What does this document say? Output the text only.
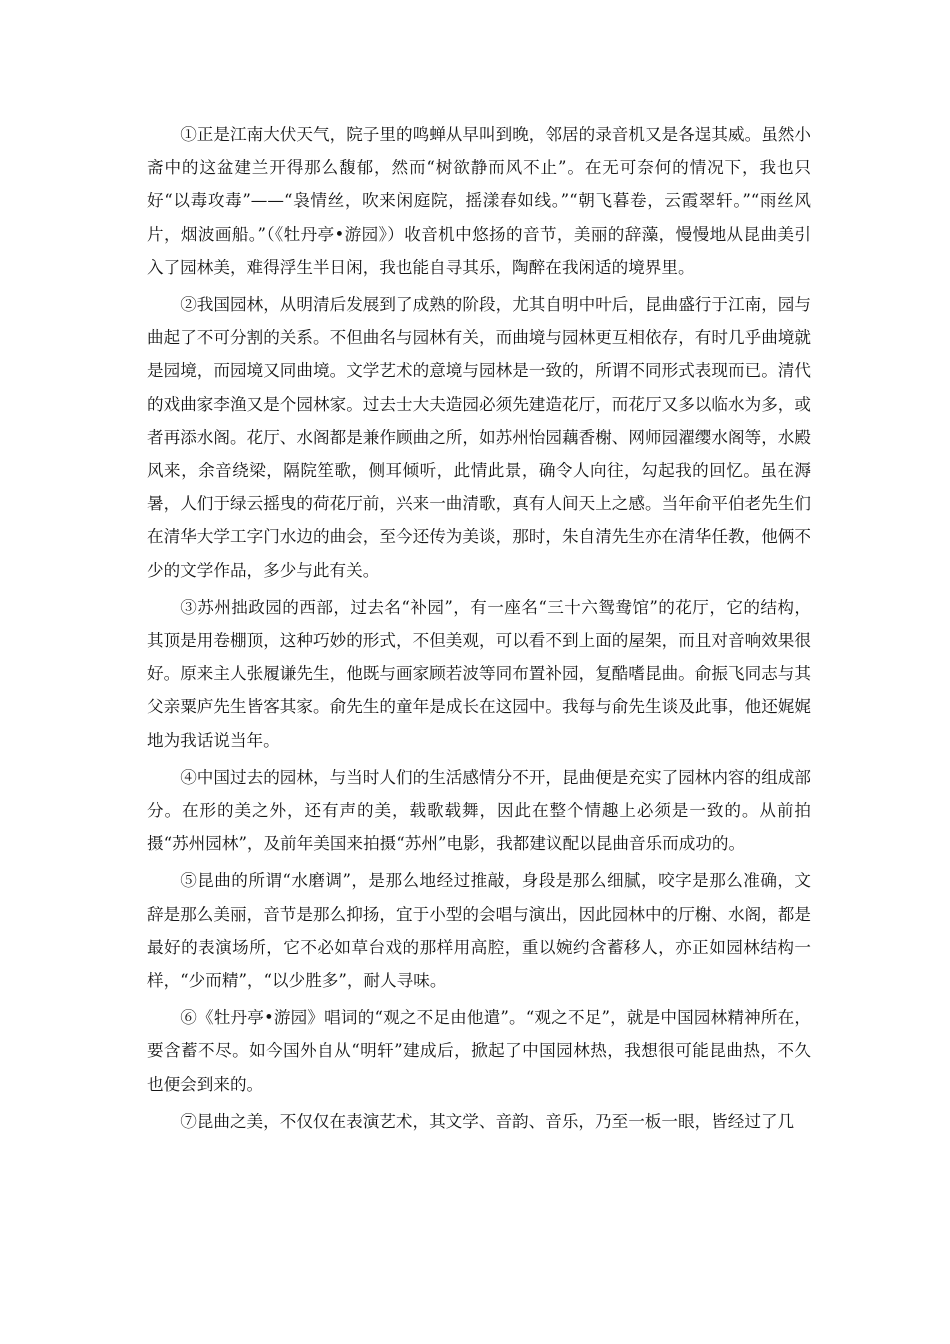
①正是江南大伏天气，院子里的鸣蝉从早叫到晚，邻居的录音机又是各逞其威。虽然小斋中的这盆建兰开得那么馥郁，然而“树欲静而风不止”。在无可奈何的情况下，我也只好“以毒攻毒”——“袅情丝，吹来闲庭院，摇漾春如线。”“朝飞暮卷，云霞翠轩。”“雨丝风片，烟波画船。”（《牡丹亭•游园》）收音机中悠扬的音节，美丽的辞藻，慢慢地从昆曲美引入了园林美，难得浮生半日闲，我也能自寻其乐，陶醉在我闲适的境界里。

②我国园林，从明清后发展到了成熟的阶段，尤其自明中叶后，昆曲盛行于江南，园与曲起了不可分割的关系。不但曲名与园林有关，而曲境与园林更互相依存，有时几乎曲境就是园境，而园境又同曲境。文学艺术的意境与园林是一致的，所谓不同形式表现而已。清代的戏曲家李渔又是个园林家。过去士大夫造园必须先建造花厅，而花厅又多以临水为多，或者再添水阁。花厅、水阁都是兼作顾曲之所，如苏州怡园藕香榭、网师园濯缨水阁等，水殿风来，余音绕梁，隔院笙歌，侧耳倾听，此情此景，确令人向往，勾起我的回忆。虽在溽暑，人们于绿云摇曳的荷花厅前，兴来一曲清歌，真有人间天上之感。当年俞平伯老先生们在清华大学工字门水边的曲会，至今还传为美谈，那时，朱自清先生亦在清华任教，他俩不少的文学作品，多少与此有关。

③苏州拙政园的西部，过去名“补园”，有一座名“三十六鸳鸯馆”的花厅，它的结构，其顶是用卷棚顶，这种巧妙的形式，不但美观，可以看不到上面的屋架，而且对音响效果很好。原来主人张履谦先生，他既与画家顾若波等同布置补园，复酷嗜昆曲。俞振飞同志与其父亲粟庐先生皆客其家。俞先生的童年是成长在这园中。我每与俞先生谈及此事，他还娓娓地为我话说当年。

④中国过去的园林，与当时人们的生活感情分不开，昆曲便是充实了园林内容的组成部分。在形的美之外，还有声的美，载歌载舞，因此在整个情趣上必须是一致的。从前拍摄“苏州园林”，及前年美国来拍摄“苏州”电影，我都建议配以昆曲音乐而成功的。

⑤昆曲的所谓“水磨调”，是那么地经过推敲，身段是那么细腻，咬字是那么准确，文辞是那么美丽，音节是那么抑扬，宜于小型的会唱与演出，因此园林中的厅榭、水阁，都是最好的表演场所，它不必如草台戏的那样用高腔，重以婉约含蓄移人，亦正如园林结构一样，“少而精”，“以少胜多”，耐人寻味。

⑥《牡丹亭•游园》唱词的“观之不足由他遣”。“观之不足”，就是中国园林精神所在，要含蓄不尽。如今国外自从“明轩”建成后，掀起了中国园林热，我想很可能昆曲热，不久也便会到来的。

⑦昆曲之美，不仅仅在表演艺术，其文学、音韵、音乐，乃至一板一眼，皆经过了几
